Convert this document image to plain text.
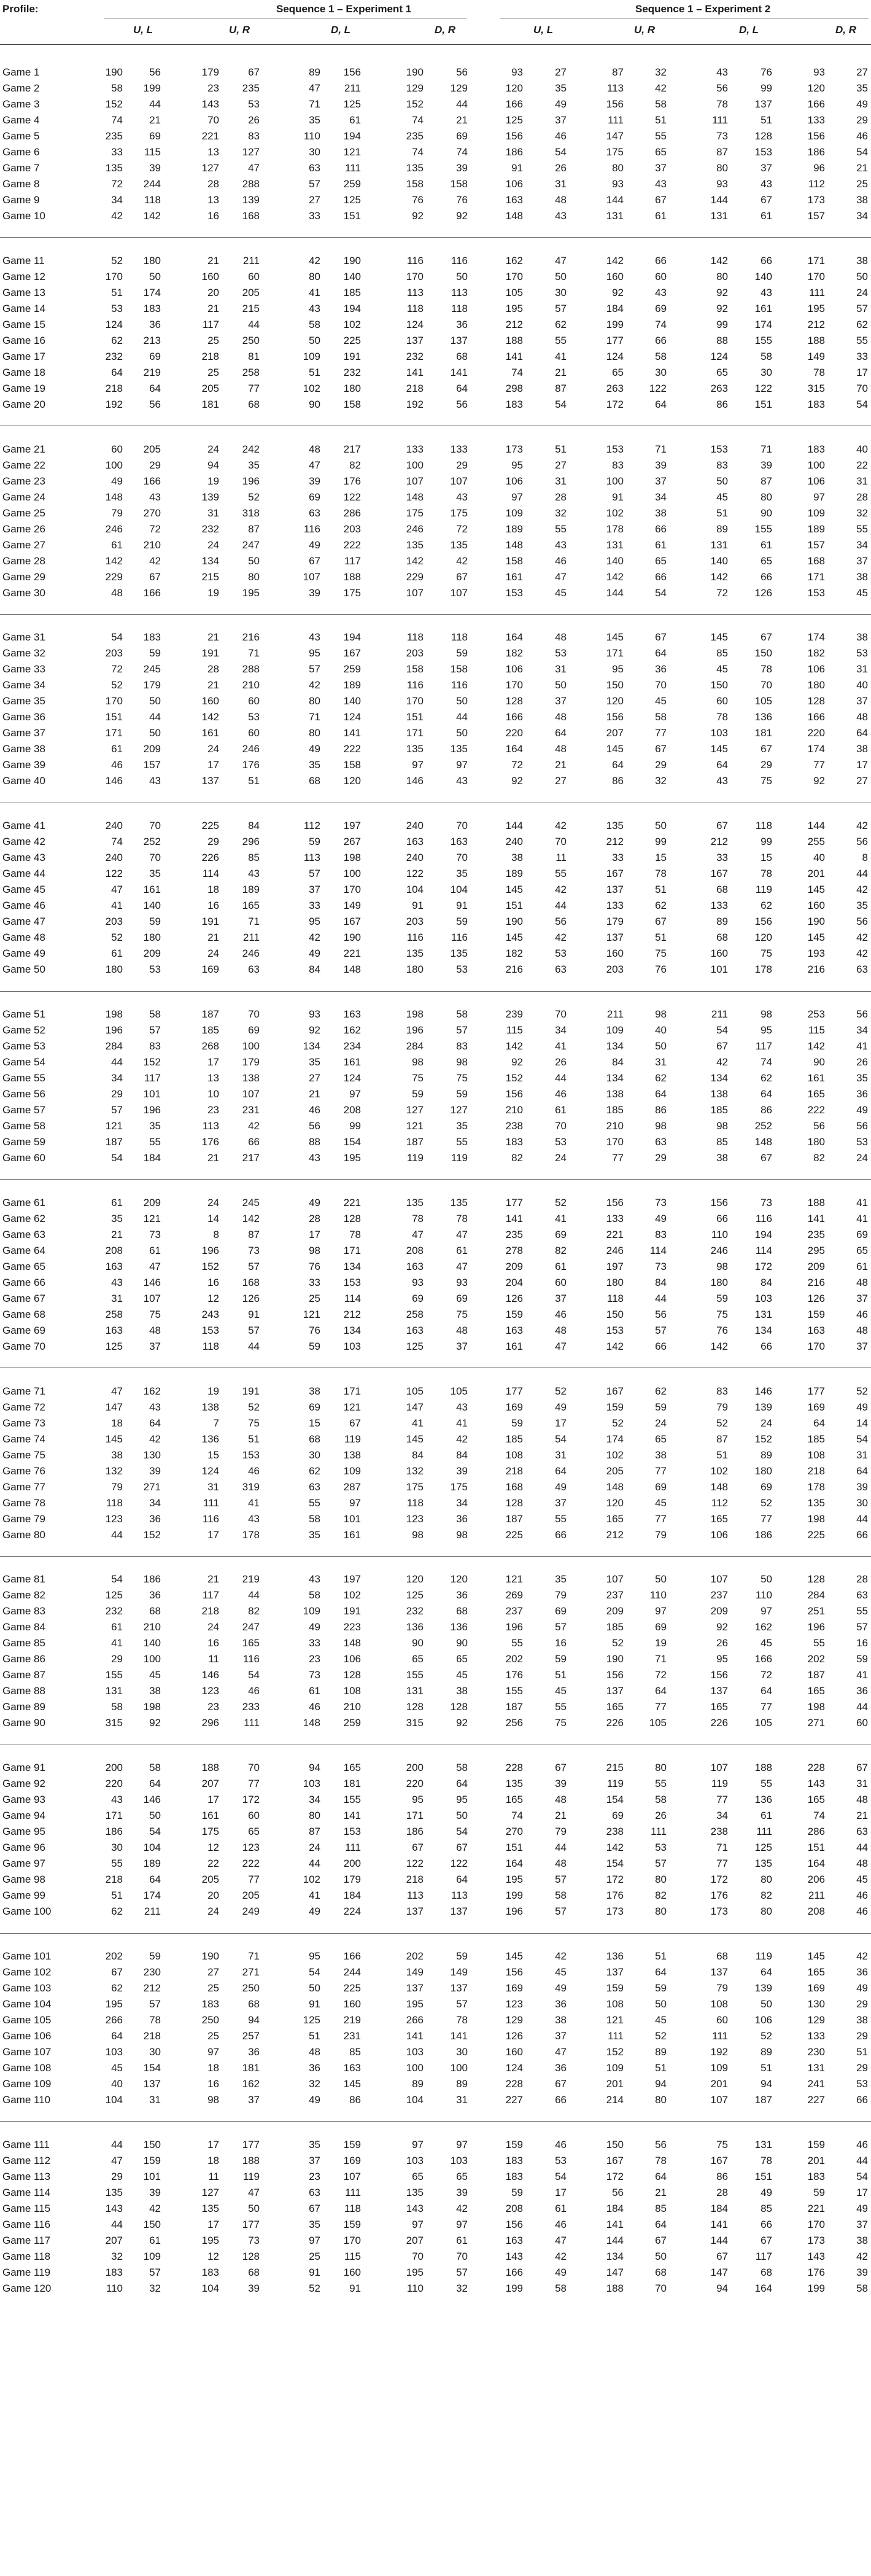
Profile:	Sequence 1 – Experiment 1	Sequence 1 – Experiment 2
U, L	U, R	D, L	D, R	U, L	U, R	D, L	D, R
Game 1	190	56	179	67	89	156	190	56	93	27	87	32	43	76	93	27
Game 2	58	199	23	235	47	211	129	129	120	35	113	42	56	99	120	35
Game 3	152	44	143	53	71	125	152	44	166	49	156	58	78	137	166	49
Game 4	74	21	70	26	35	61	74	21	125	37	111	51	111	51	133	29
Game 5	235	69	221	83	110	194	235	69	156	46	147	55	73	128	156	46
Game 6	33	115	13	127	30	121	74	74	186	54	175	65	87	153	186	54
Game 7	135	39	127	47	63	111	135	39	91	26	80	37	80	37	96	21
Game 8	72	244	28	288	57	259	158	158	106	31	93	43	93	43	112	25
Game 9	34	118	13	139	27	125	76	76	163	48	144	67	144	67	173	38
Game 10	42	142	16	168	33	151	92	92	148	43	131	61	131	61	157	34
Game 11	52	180	21	211	42	190	116	116	162	47	142	66	142	66	171	38
Game 12	170	50	160	60	80	140	170	50	170	50	160	60	80	140	170	50
Game 13	51	174	20	205	41	185	113	113	105	30	92	43	92	43	111	24
Game 14	53	183	21	215	43	194	118	118	195	57	184	69	92	161	195	57
Game 15	124	36	117	44	58	102	124	36	212	62	199	74	99	174	212	62
Game 16	62	213	25	250	50	225	137	137	188	55	177	66	88	155	188	55
Game 17	232	69	218	81	109	191	232	68	141	41	124	58	124	58	149	33
Game 18	64	219	25	258	51	232	141	141	74	21	65	30	65	30	78	17
Game 19	218	64	205	77	102	180	218	64	298	87	263	122	263	122	315	70
Game 20	192	56	181	68	90	158	192	56	183	54	172	64	86	151	183	54
Game 21	60	205	24	242	48	217	133	133	173	51	153	71	153	71	183	40
Game 22	100	29	94	35	47	82	100	29	95	27	83	39	83	39	100	22
Game 23	49	166	19	196	39	176	107	107	106	31	100	37	50	87	106	31
Game 24	148	43	139	52	69	122	148	43	97	28	91	34	45	80	97	28
Game 25	79	270	31	318	63	286	175	175	109	32	102	38	51	90	109	32
Game 26	246	72	232	87	116	203	246	72	189	55	178	66	89	155	189	55
Game 27	61	210	24	247	49	222	135	135	148	43	131	61	131	61	157	34
Game 28	142	42	134	50	67	117	142	42	158	46	140	65	140	65	168	37
Game 29	229	67	215	80	107	188	229	67	161	47	142	66	142	66	171	38
Game 30	48	166	19	195	39	175	107	107	153	45	144	54	72	126	153	45
Game 31	54	183	21	216	43	194	118	118	164	48	145	67	145	67	174	38
Game 32	203	59	191	71	95	167	203	59	182	53	171	64	85	150	182	53
Game 33	72	245	28	288	57	259	158	158	106	31	95	36	45	78	106	31
Game 34	52	179	21	210	42	189	116	116	170	50	150	70	150	70	180	40
Game 35	170	50	160	60	80	140	170	50	128	37	120	45	60	105	128	37
Game 36	151	44	142	53	71	124	151	44	166	48	156	58	78	136	166	48
Game 37	171	50	161	60	80	141	171	50	220	64	207	77	103	181	220	64
Game 38	61	209	24	246	49	222	135	135	164	48	145	67	145	67	174	38
Game 39	46	157	17	176	35	158	97	97	72	21	64	29	64	29	77	17
Game 40	146	43	137	51	68	120	146	43	92	27	86	32	43	75	92	27
Game 41	240	70	225	84	112	197	240	70	144	42	135	50	67	118	144	42
Game 42	74	252	29	296	59	267	163	163	240	70	212	99	212	99	255	56
Game 43	240	70	226	85	113	198	240	70	38	11	33	15	33	15	40	8
Game 44	122	35	114	43	57	100	122	35	189	55	167	78	167	78	201	44
Game 45	47	161	18	189	37	170	104	104	145	42	137	51	68	119	145	42
Game 46	41	140	16	165	33	149	91	91	151	44	133	62	133	62	160	35
Game 47	203	59	191	71	95	167	203	59	190	56	179	67	89	156	190	56
Game 48	52	180	21	211	42	190	116	116	145	42	137	51	68	120	145	42
Game 49	61	209	24	246	49	221	135	135	182	53	160	75	160	75	193	42
Game 50	180	53	169	63	84	148	180	53	216	63	203	76	101	178	216	63
Game 51	198	58	187	70	93	163	198	58	239	70	211	98	211	98	253	56
Game 52	196	57	185	69	92	162	196	57	115	34	109	40	54	95	115	34
Game 53	284	83	268	100	134	234	284	83	142	41	134	50	67	117	142	41
Game 54	44	152	17	179	35	161	98	98	92	26	84	31	42	74	90	26
Game 55	34	117	13	138	27	124	75	75	152	44	134	62	134	62	161	35
Game 56	29	101	10	107	21	97	59	59	156	46	138	64	138	64	165	36
Game 57	57	196	23	231	46	208	127	127	210	61	185	86	185	86	222	49
Game 58	121	35	113	42	56	99	121	35	238	70	210	98	98	252	56	56
Game 59	187	55	176	66	88	154	187	55	183	53	170	63	85	148	180	53
Game 60	54	184	21	217	43	195	119	119	82	24	77	29	38	67	82	24
Game 61	61	209	24	245	49	221	135	135	177	52	156	73	156	73	188	41
Game 62	35	121	14	142	28	128	78	78	141	41	133	49	66	116	141	41
Game 63	21	73	8	87	17	78	47	47	235	69	221	83	110	194	235	69
Game 64	208	61	196	73	98	171	208	61	278	82	246	114	246	114	295	65
Game 65	163	47	152	57	76	134	163	47	209	61	197	73	98	172	209	61
Game 66	43	146	16	168	33	153	93	93	204	60	180	84	180	84	216	48
Game 67	31	107	12	126	25	114	69	69	126	37	118	44	59	103	126	37
Game 68	258	75	243	91	121	212	258	75	159	46	150	56	75	131	159	46
Game 69	163	48	153	57	76	134	163	48	163	48	153	57	76	134	163	48
Game 70	125	37	118	44	59	103	125	37	161	47	142	66	142	66	170	37
Game 71	47	162	19	191	38	171	105	105	177	52	167	62	83	146	177	52
Game 72	147	43	138	52	69	121	147	43	169	49	159	59	79	139	169	49
Game 73	18	64	7	75	15	67	41	41	59	17	52	24	52	24	64	14
Game 74	145	42	136	51	68	119	145	42	185	54	174	65	87	152	185	54
Game 75	38	130	15	153	30	138	84	84	108	31	102	38	51	89	108	31
Game 76	132	39	124	46	62	109	132	39	218	64	205	77	102	180	218	64
Game 77	79	271	31	319	63	287	175	175	168	49	148	69	148	69	178	39
Game 78	118	34	111	41	55	97	118	34	128	37	120	45	112	52	135	30
Game 79	123	36	116	43	58	101	123	36	187	55	165	77	165	77	198	44
Game 80	44	152	17	178	35	161	98	98	225	66	212	79	106	186	225	66
Game 81	54	186	21	219	43	197	120	120	121	35	107	50	107	50	128	28
Game 82	125	36	117	44	58	102	125	36	269	79	237	110	237	110	284	63
Game 83	232	68	218	82	109	191	232	68	237	69	209	97	209	97	251	55
Game 84	61	210	24	247	49	223	136	136	196	57	185	69	92	162	196	57
Game 85	41	140	16	165	33	148	90	90	55	16	52	19	26	45	55	16
Game 86	29	100	11	116	23	106	65	65	202	59	190	71	95	166	202	59
Game 87	155	45	146	54	73	128	155	45	176	51	156	72	156	72	187	41
Game 88	131	38	123	46	61	108	131	38	155	45	137	64	137	64	165	36
Game 89	58	198	23	233	46	210	128	128	187	55	165	77	165	77	198	44
Game 90	315	92	296	111	148	259	315	92	256	75	226	105	226	105	271	60
Game 91	200	58	188	70	94	165	200	58	228	67	215	80	107	188	228	67
Game 92	220	64	207	77	103	181	220	64	135	39	119	55	119	55	143	31
Game 93	43	146	17	172	34	155	95	95	165	48	154	58	77	136	165	48
Game 94	171	50	161	60	80	141	171	50	74	21	69	26	34	61	74	21
Game 95	186	54	175	65	87	153	186	54	270	79	238	111	238	111	286	63
Game 96	30	104	12	123	24	111	67	67	151	44	142	53	71	125	151	44
Game 97	55	189	22	222	44	200	122	122	164	48	154	57	77	135	164	48
Game 98	218	64	205	77	102	179	218	64	195	57	172	80	172	80	206	45
Game 99	51	174	20	205	41	184	113	113	199	58	176	82	176	82	211	46
Game 100	62	211	24	249	49	224	137	137	196	57	173	80	173	80	208	46
Game 101	202	59	190	71	95	166	202	59	145	42	136	51	68	119	145	42
Game 102	67	230	27	271	54	244	149	149	156	45	137	64	137	64	165	36
Game 103	62	212	25	250	50	225	137	137	169	49	159	59	79	139	169	49
Game 104	195	57	183	68	91	160	195	57	123	36	108	50	108	50	130	29
Game 105	266	78	250	94	125	219	266	78	129	38	121	45	60	106	129	38
Game 106	64	218	25	257	51	231	141	141	126	37	111	52	111	52	133	29
Game 107	103	30	97	36	48	85	103	30	160	47	152	89	192	89	230	51
Game 108	45	154	18	181	36	163	100	100	124	36	109	51	109	51	131	29
Game 109	40	137	16	162	32	145	89	89	228	67	201	94	201	94	241	53
Game 110	104	31	98	37	49	86	104	31	227	66	214	80	107	187	227	66
Game 111	44	150	17	177	35	159	97	97	159	46	150	56	75	131	159	46
Game 112	47	159	18	188	37	169	103	103	183	53	167	78	167	78	201	44
Game 113	29	101	11	119	23	107	65	65	183	54	172	64	86	151	183	54
Game 114	135	39	127	47	63	111	135	39	59	17	56	21	28	49	59	17
Game 115	143	42	135	50	67	118	143	42	208	61	184	85	184	85	221	49
Game 116	44	150	17	177	35	159	97	97	156	46	141	64	141	66	170	37
Game 117	207	61	195	73	97	170	207	61	163	47	144	67	144	67	173	38
Game 118	32	109	12	128	25	115	70	70	143	42	134	50	67	117	143	42
Game 119	183	57	183	68	91	160	195	57	166	49	147	68	147	68	176	39
Game 120	110	32	104	39	52	91	110	32	199	58	188	70	94	164	199	58
